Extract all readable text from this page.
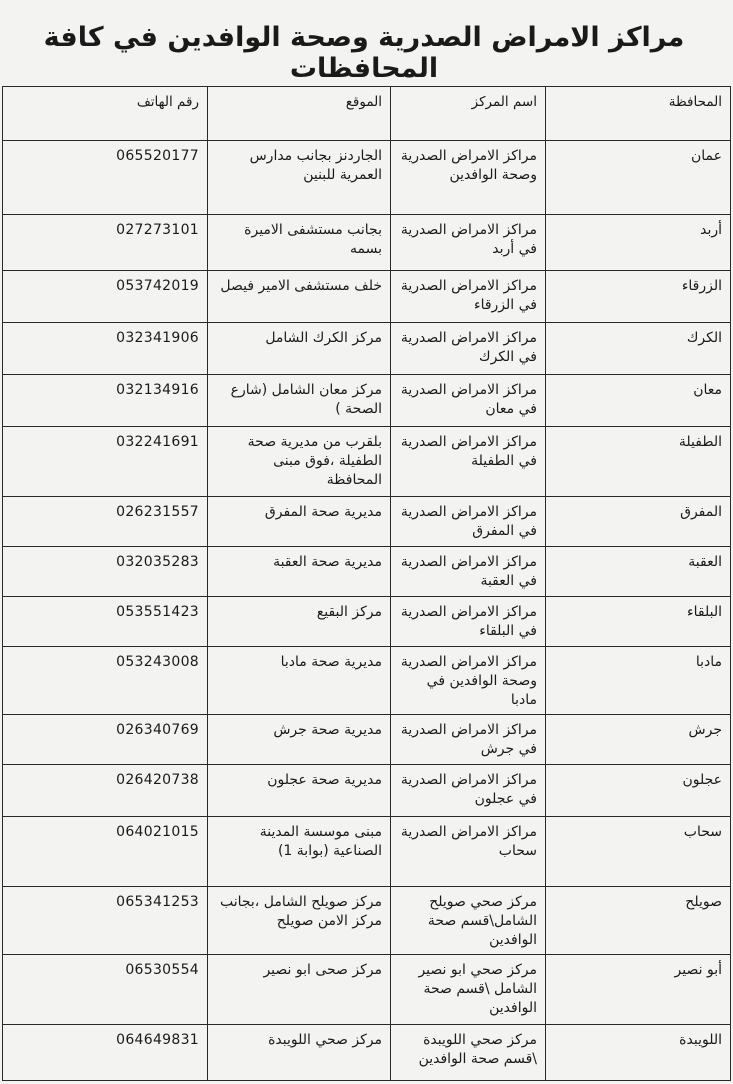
مراكز الامراض الصدرية وصحة الوافدين في كافة المحافظات
المحافظة	اسم المركز	الموقع	رقم الهاتف
عمان	مراكز الامراض الصدرية وصحة الوافدين	الجاردنز بجانب مدارس العمرية للبنين	065520177
أربد	مراكز الامراض الصدرية في أربد	بجانب مستشفى الاميرة بسمه	027273101
الزرقاء	مراكز الامراض الصدرية في الزرقاء	خلف مستشفى الامير فيصل	053742019
الكرك	مراكز الامراض الصدرية في الكرك	مركز الكرك الشامل	032341906
معان	مراكز الامراض الصدرية في معان	مركز معان الشامل (شارع الصحة )	032134916
الطفيلة	مراكز الامراض الصدرية في الطفيلة	بلقرب من مديرية صحة الطفيلة ،فوق مبنى المحافظة	032241691
المفرق	مراكز الامراض الصدرية في المفرق	مديرية صحة المفرق	026231557
العقبة	مراكز الامراض الصدرية في العقبة	مديرية صحة العقبة	032035283
البلقاء	مراكز الامراض الصدرية في البلقاء	مركز البقيع	053551423
مادبا	مراكز الامراض الصدرية وصحة الوافدين في مادبا	مديرية صحة مادبا	053243008
جرش	مراكز الامراض الصدرية في جرش	مديرية صحة جرش	026340769
عجلون	مراكز الامراض الصدرية في عجلون	مديرية صحة عجلون	026420738
سحاب	مراكز الامراض الصدرية سحاب	مبنى موسسة المدينة الصناعية (بوابة 1)	064021015
صويلح	مركز صحي صويلح الشامل\قسم صحة الوافدين	مركز صويلح الشامل ،بجانب مركز الامن صويلح	065341253
أبو نصير	مركز صحي ابو نصير الشامل \قسم صحة الوافدين	مركز صحى ابو نصير	06530554
اللويبدة	مركز صحي اللويبدة \قسم صحة الوافدين	مركز صحي اللويبدة	064649831
